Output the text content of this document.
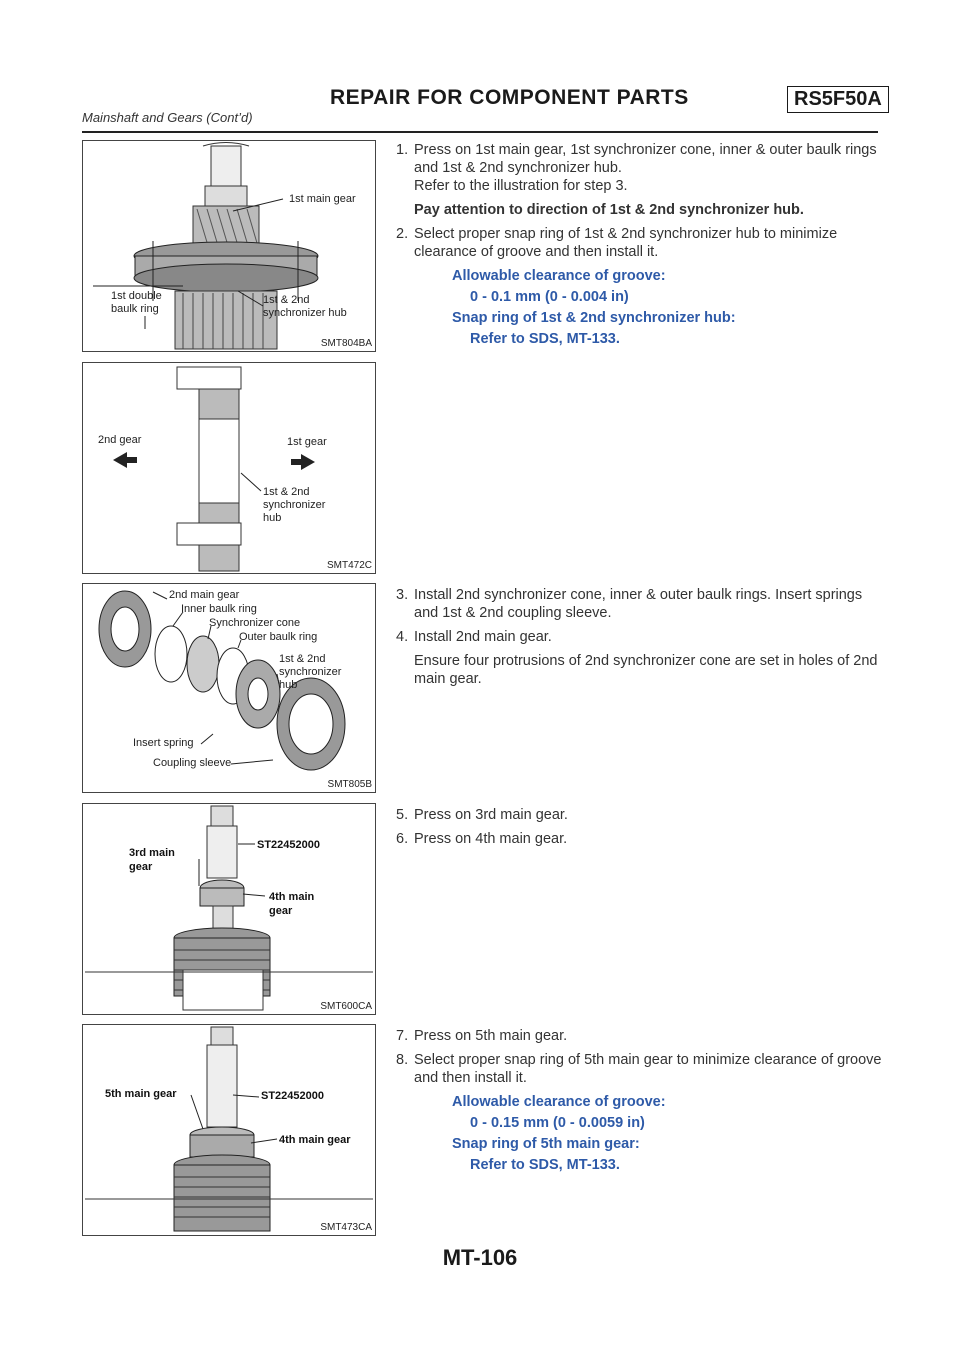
REPAIR FOR COMPONENT PARTS	RS5F50A
Mainshaft and Gears (Cont’d)
1st main gear
1st double
baulk ring
1st & 2nd
synchronizer hub
SMT804BA
2nd gear	1st gear
1st & 2nd
synchronizer
hub
SMT472C
2nd main gear
Inner baulk ring
Synchronizer cone
Outer baulk ring
1st & 2nd
synchronizer
hub
Insert spring
Coupling sleeve
SMT805B
3rd main
gear
ST22452000
4th main
gear
SMT600CA
5th main gear	ST22452000
4th main gear
SMT473CA
1. Press on 1st main gear, 1st synchronizer cone, inner & outer baulk rings and 1st & 2nd synchronizer hub.
Refer to the illustration for step 3.
Pay attention to direction of 1st & 2nd synchronizer hub.
2. Select proper snap ring of 1st & 2nd synchronizer hub to minimize clearance of groove and then install it.
Allowable clearance of groove:
0 - 0.1 mm (0 - 0.004 in)
Snap ring of 1st & 2nd synchronizer hub:
Refer to SDS, MT-133.
3. Install 2nd synchronizer cone, inner & outer baulk rings. Insert springs and 1st & 2nd coupling sleeve.
4. Install 2nd main gear.
Ensure four protrusions of 2nd synchronizer cone are set in holes of 2nd main gear.
5. Press on 3rd main gear.
6. Press on 4th main gear.
7. Press on 5th main gear.
8. Select proper snap ring of 5th main gear to minimize clearance of groove and then install it.
Allowable clearance of groove:
0 - 0.15 mm (0 - 0.0059 in)
Snap ring of 5th main gear:
Refer to SDS, MT-133.
MT-106
